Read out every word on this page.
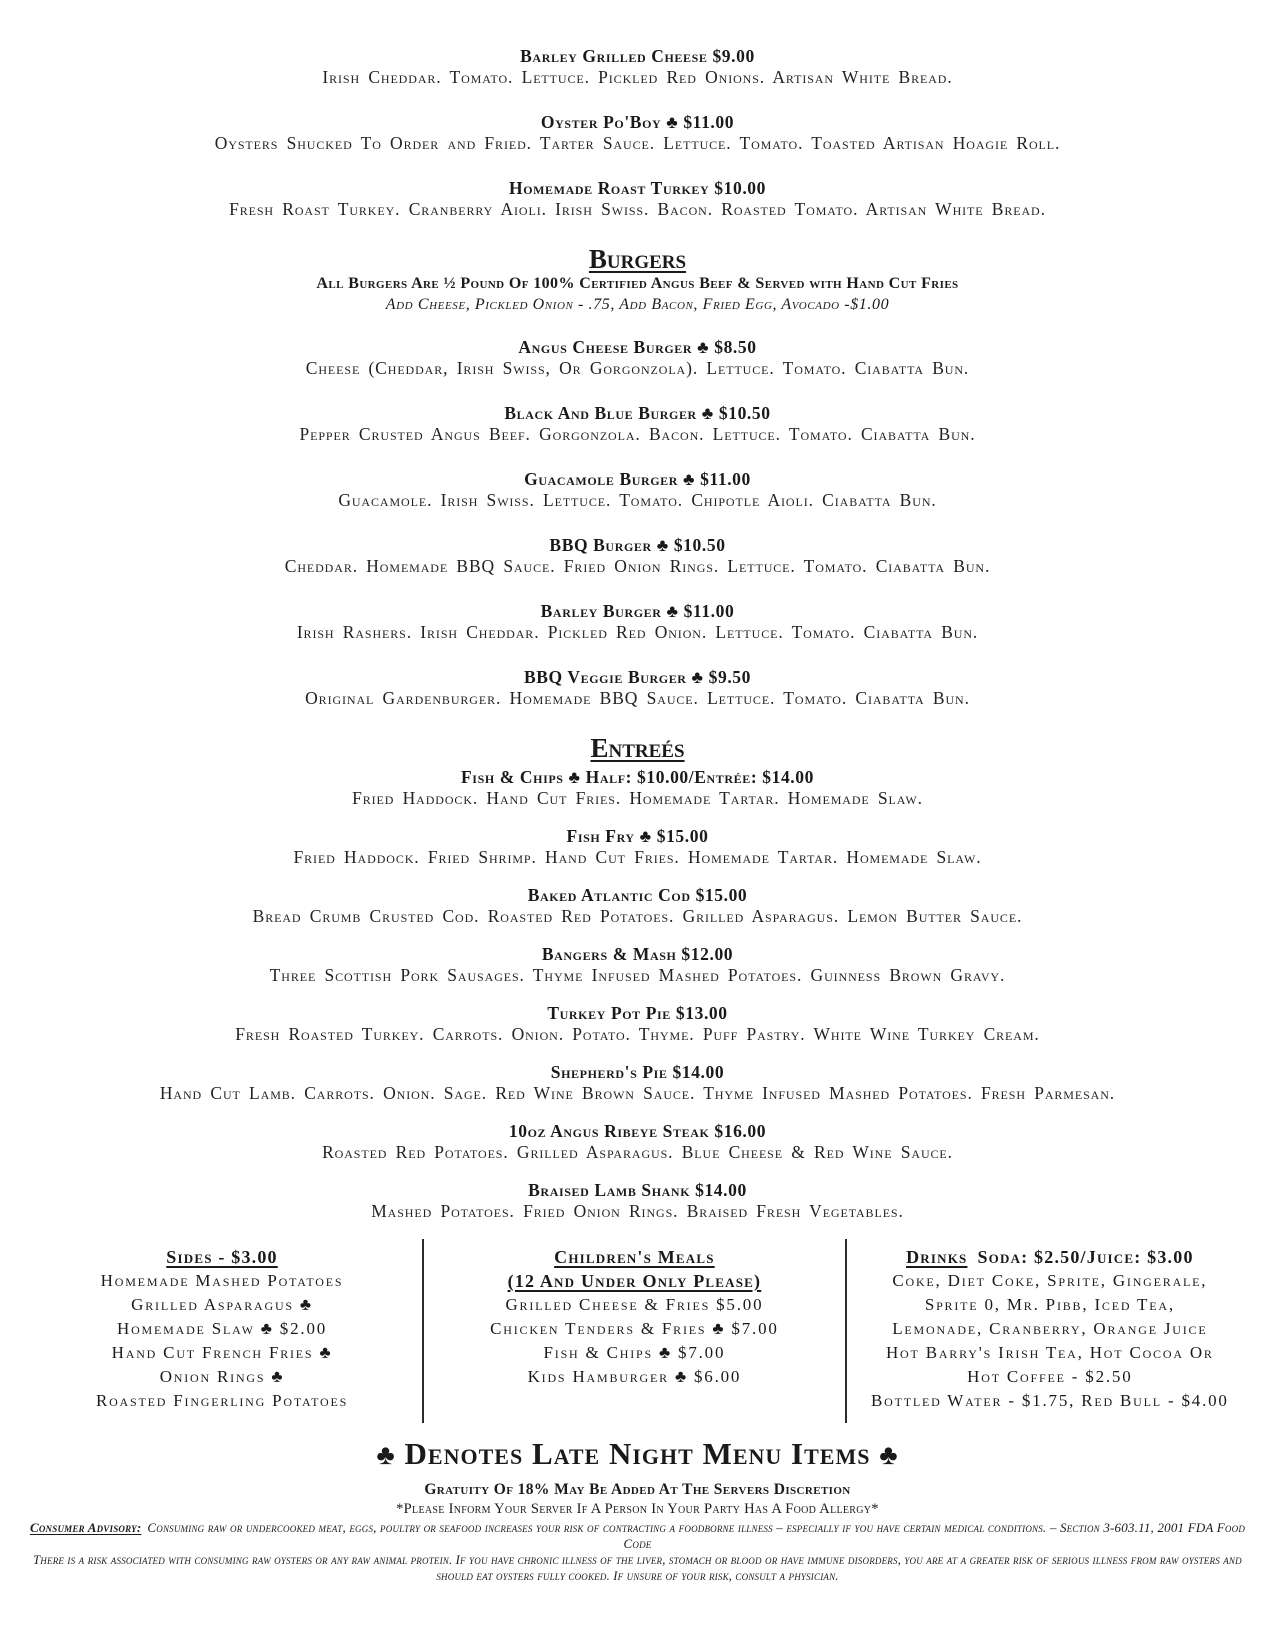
Barley Grilled Cheese $9.00
Irish Cheddar. Tomato. Lettuce. Pickled Red Onions. Artisan White Bread.
Oyster Po'Boy ♣ $11.00
Oysters Shucked To Order and Fried. Tarter Sauce. Lettuce. Tomato. Toasted Artisan Hoagie Roll.
Homemade Roast Turkey $10.00
Fresh Roast Turkey. Cranberry Aioli. Irish Swiss. Bacon. Roasted Tomato. Artisan White Bread.
Burgers
All Burgers Are ½ Pound Of 100% Certified Angus Beef & Served with Hand Cut Fries
Add Cheese, Pickled Onion - .75, Add Bacon, Fried Egg, Avocado -$1.00
Angus Cheese Burger ♣ $8.50
Cheese (Cheddar, Irish Swiss, Or Gorgonzola). Lettuce. Tomato. Ciabatta Bun.
Black And Blue Burger ♣ $10.50
Pepper Crusted Angus Beef. Gorgonzola. Bacon. Lettuce. Tomato. Ciabatta Bun.
Guacamole Burger ♣ $11.00
Guacamole. Irish Swiss. Lettuce. Tomato. Chipotle Aioli. Ciabatta Bun.
BBQ Burger ♣ $10.50
Cheddar. Homemade BBQ Sauce. Fried Onion Rings. Lettuce. Tomato. Ciabatta Bun.
Barley Burger ♣ $11.00
Irish Rashers. Irish Cheddar. Pickled Red Onion. Lettuce. Tomato. Ciabatta Bun.
BBQ Veggie Burger ♣ $9.50
Original Gardenburger. Homemade BBQ Sauce. Lettuce. Tomato. Ciabatta Bun.
Entreés
Fish & Chips ♣ Half: $10.00/Entrée: $14.00
Fried Haddock. Hand Cut Fries. Homemade Tartar. Homemade Slaw.
Fish Fry ♣ $15.00
Fried Haddock. Fried Shrimp. Hand Cut Fries. Homemade Tartar. Homemade Slaw.
Baked Atlantic Cod $15.00
Bread Crumb Crusted Cod. Roasted Red Potatoes. Grilled Asparagus. Lemon Butter Sauce.
Bangers & Mash $12.00
Three Scottish Pork Sausages. Thyme Infused Mashed Potatoes. Guinness Brown Gravy.
Turkey Pot Pie $13.00
Fresh Roasted Turkey. Carrots. Onion. Potato. Thyme. Puff Pastry. White Wine Turkey Cream.
Shepherd's Pie $14.00
Hand Cut Lamb. Carrots. Onion. Sage. Red Wine Brown Sauce. Thyme Infused Mashed Potatoes. Fresh Parmesan.
10oz Angus Ribeye Steak $16.00
Roasted Red Potatoes. Grilled Asparagus. Blue Cheese & Red Wine Sauce.
Braised Lamb Shank $14.00
Mashed Potatoes. Fried Onion Rings. Braised Fresh Vegetables.
Sides - $3.00
Homemade Mashed Potatoes
Grilled Asparagus ♣
Homemade Slaw ♣ $2.00
Hand Cut French Fries ♣
Onion Rings ♣
Roasted Fingerling Potatoes
Children's Meals
(12 And Under Only Please)
Grilled Cheese & Fries $5.00
Chicken Tenders & Fries ♣ $7.00
Fish & Chips ♣ $7.00
Kids Hamburger ♣ $6.00
Drinks Soda: $2.50/Juice: $3.00
Coke, Diet Coke, Sprite, Gingerale,
Sprite 0, Mr. Pibb, Iced Tea,
Lemonade, Cranberry, Orange Juice
Hot Barry's Irish Tea, Hot Cocoa Or
Hot Coffee - $2.50
Bottled Water - $1.75, Red Bull - $4.00
♣ Denotes Late Night Menu Items ♣
Gratuity Of 18% May Be Added At The Servers Discretion
*Please Inform Your Server If A Person In Your Party Has A Food Allergy*
Consumer Advisory: Consuming raw or undercooked meat, eggs, poultry or seafood increases your risk of contracting a foodborne illness – especially if you have certain medical conditions. – Section 3-603.11, 2001 FDA Food Code
There is a risk associated with consuming raw oysters or any raw animal protein. If you have chronic illness of the liver, stomach or blood or have immune disorders, you are at a greater risk of serious illness from raw oysters and should eat oysters fully cooked. If unsure of your risk, consult a physician.
